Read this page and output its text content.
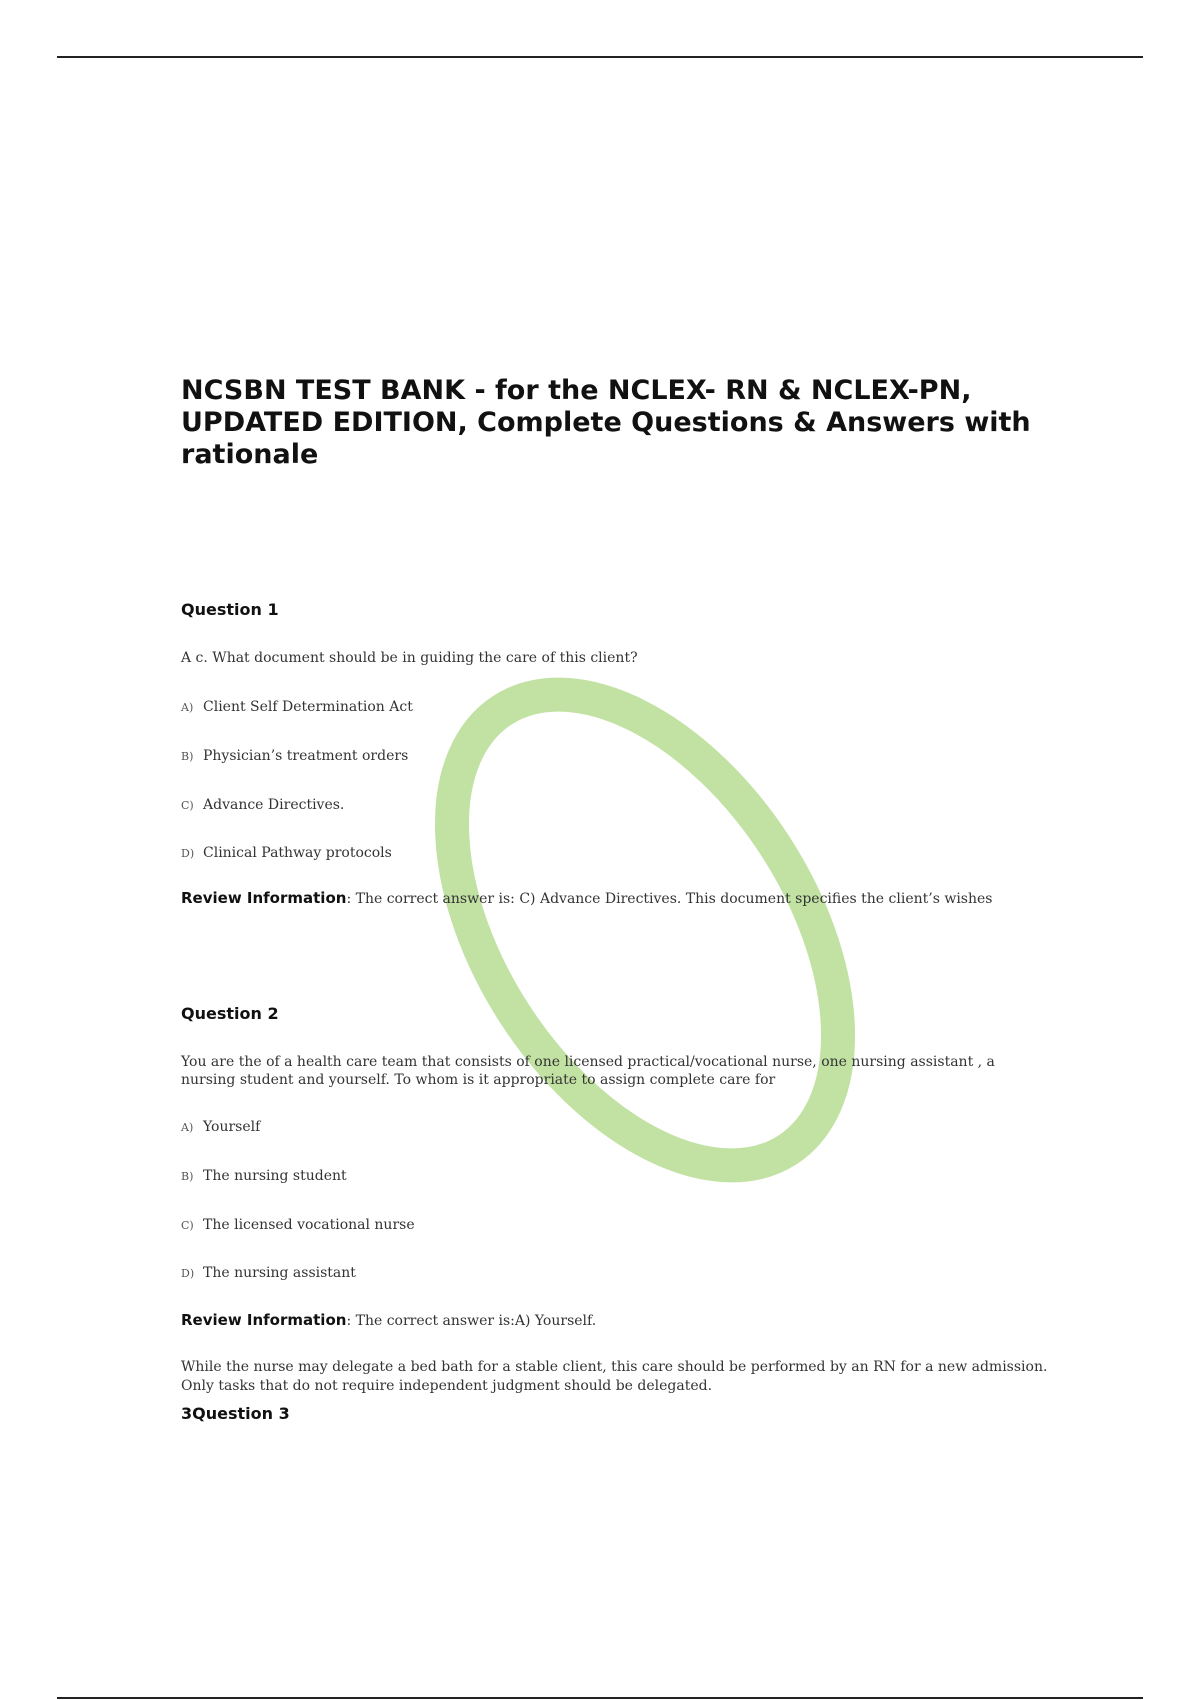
NCSBN TEST BANK - for the NCLEX- RN & NCLEX-PN, UPDATED EDITION, Complete Questions & Answers with rationale

Question 1

A c. What document should be in guiding the care of this client?

A) Client Self Determination Act
B) Physician’s treatment orders
C) Advance Directives.
D) Clinical Pathway protocols
Review Information: The correct answer is: C) Advance Directives. This document specifies the client’s wishes

Question 2

You are the of a health care team that consists of one licensed practical/vocational nurse, one nursing assistant , a nursing student and yourself. To whom is it appropriate to assign complete care for

A) Yourself
B) The nursing student
C) The licensed vocational nurse
D) The nursing assistant
Review Information: The correct answer is:A) Yourself.
While the nurse may delegate a bed bath for a stable client, this care should be performed by an RN for a new admission. Only tasks that do not require independent judgment should be delegated.

3Question 3
